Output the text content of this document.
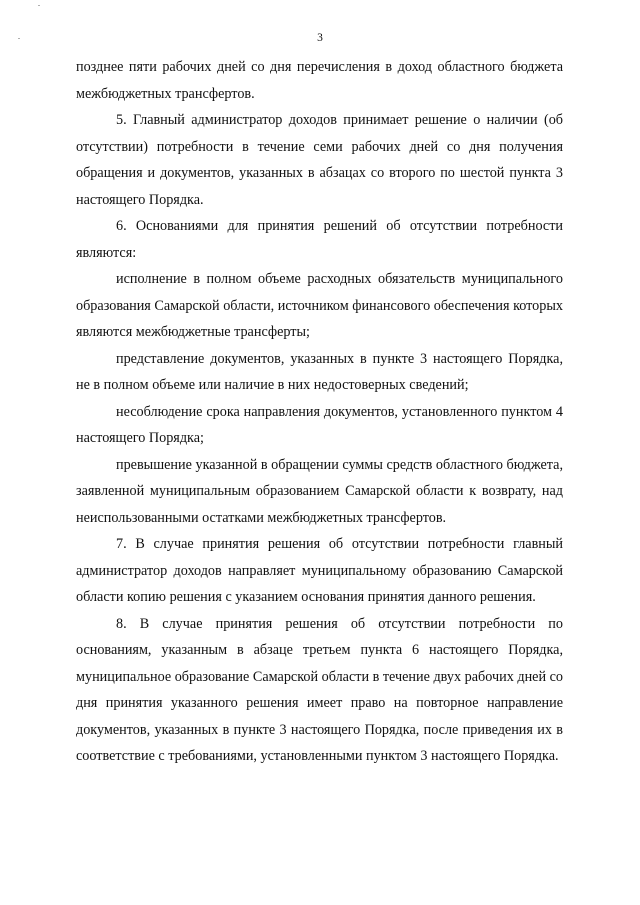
3

позднее пяти рабочих дней со дня перечисления в доход областного бюджета межбюджетных трансфертов.

5. Главный администратор доходов принимает решение о наличии (об отсутствии) потребности в течение семи рабочих дней со дня получения обращения и документов, указанных в абзацах со второго по шестой пункта 3 настоящего Порядка.

6. Основаниями для принятия решений об отсутствии потребности являются:

исполнение в полном объеме расходных обязательств муниципального образования Самарской области, источником финансового обеспечения которых являются межбюджетные трансферты;

представление документов, указанных в пункте 3 настоящего Порядка, не в полном объеме или наличие в них недостоверных сведений;

несоблюдение срока направления документов, установленного пунктом 4 настоящего Порядка;

превышение указанной в обращении суммы средств областного бюджета, заявленной муниципальным образованием Самарской области к возврату, над неиспользованными остатками межбюджетных трансфертов.

7. В случае принятия решения об отсутствии потребности главный администратор доходов направляет муниципальному образованию Самарской области копию решения с указанием основания принятия данного решения.

8. В случае принятия решения об отсутствии потребности по основаниям, указанным в абзаце третьем пункта 6 настоящего Порядка, муниципальное образование Самарской области в течение двух рабочих дней со дня принятия указанного решения имеет право на повторное направление документов, указанных в пункте 3 настоящего Порядка, после приведения их в соответствие с требованиями, установленными пунктом 3 настоящего Порядка.
